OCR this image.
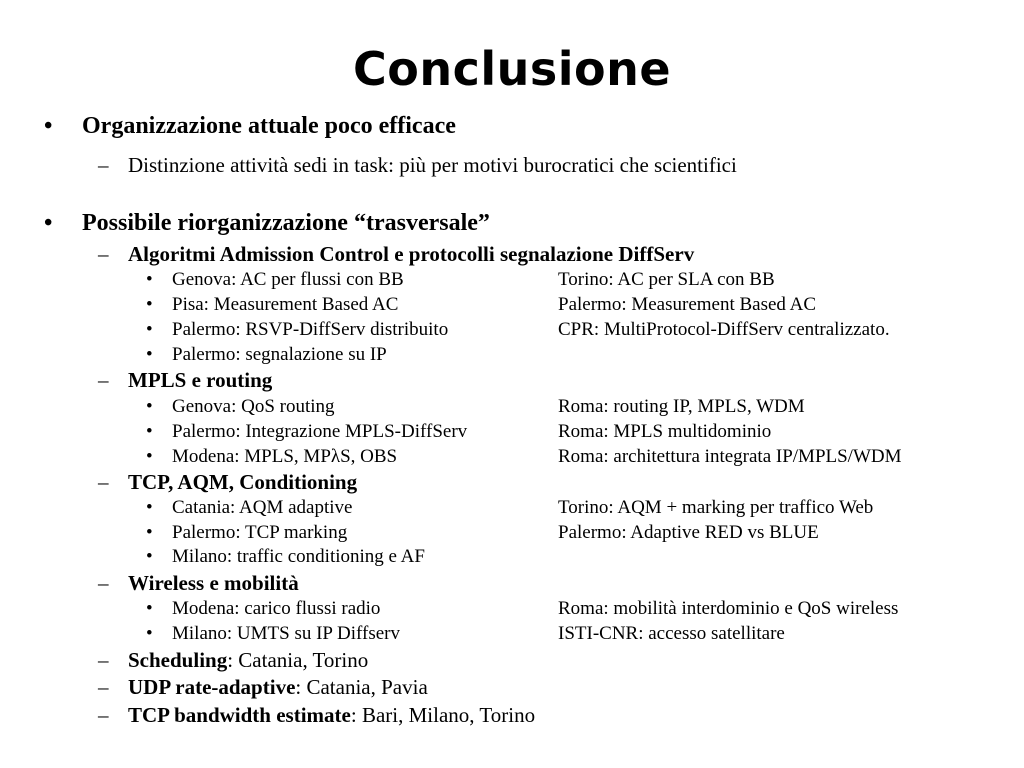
Conclusione
• Organizzazione attuale poco efficace
– Distinzione attività sedi in task: più per motivi burocratici che scientifici
• Possibile riorganizzazione “trasversale”
– Algoritmi Admission Control e protocolli segnalazione DiffServ
• Genova: AC per flussi con BB	Torino: AC per SLA con BB
• Pisa: Measurement Based AC	Palermo: Measurement Based AC
• Palermo: RSVP-DiffServ distribuito	CPR: MultiProtocol-DiffServ centralizzato.
• Palermo: segnalazione su IP
– MPLS e routing
• Genova: QoS routing	Roma: routing IP, MPLS, WDM
• Palermo: Integrazione MPLS-DiffServ	Roma: MPLS multidominio
• Modena: MPLS, MPλS, OBS	Roma: architettura integrata IP/MPLS/WDM
– TCP, AQM, Conditioning
• Catania: AQM adaptive	Torino: AQM + marking per traffico Web
• Palermo: TCP marking	Palermo: Adaptive RED vs BLUE
• Milano: traffic conditioning e AF
– Wireless e mobilità
• Modena: carico flussi radio	Roma: mobilità interdominio e QoS wireless
• Milano: UMTS su IP Diffserv	ISTI-CNR: accesso satellitare
– Scheduling: Catania, Torino
– UDP rate-adaptive: Catania, Pavia
– TCP bandwidth estimate: Bari, Milano, Torino
